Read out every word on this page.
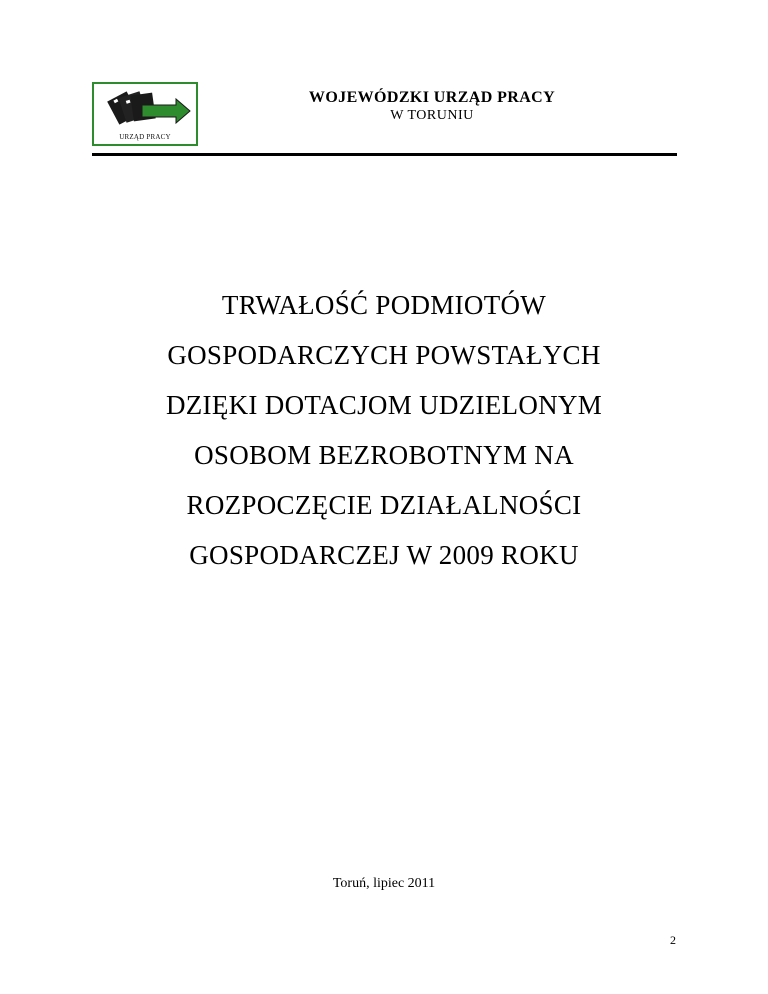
URZĄD PRACY
WOJEWÓDZKI URZĄD PRACY
W TORUNIU
TRWAŁOŚĆ PODMIOTÓW
GOSPODARCZYCH POWSTAŁYCH
DZIĘKI DOTACJOM UDZIELONYM
OSOBOM BEZROBOTNYM NA
ROZPOCZĘCIE DZIAŁALNOŚCI
GOSPODARCZEJ W 2009 ROKU
Toruń, lipiec 2011
2
